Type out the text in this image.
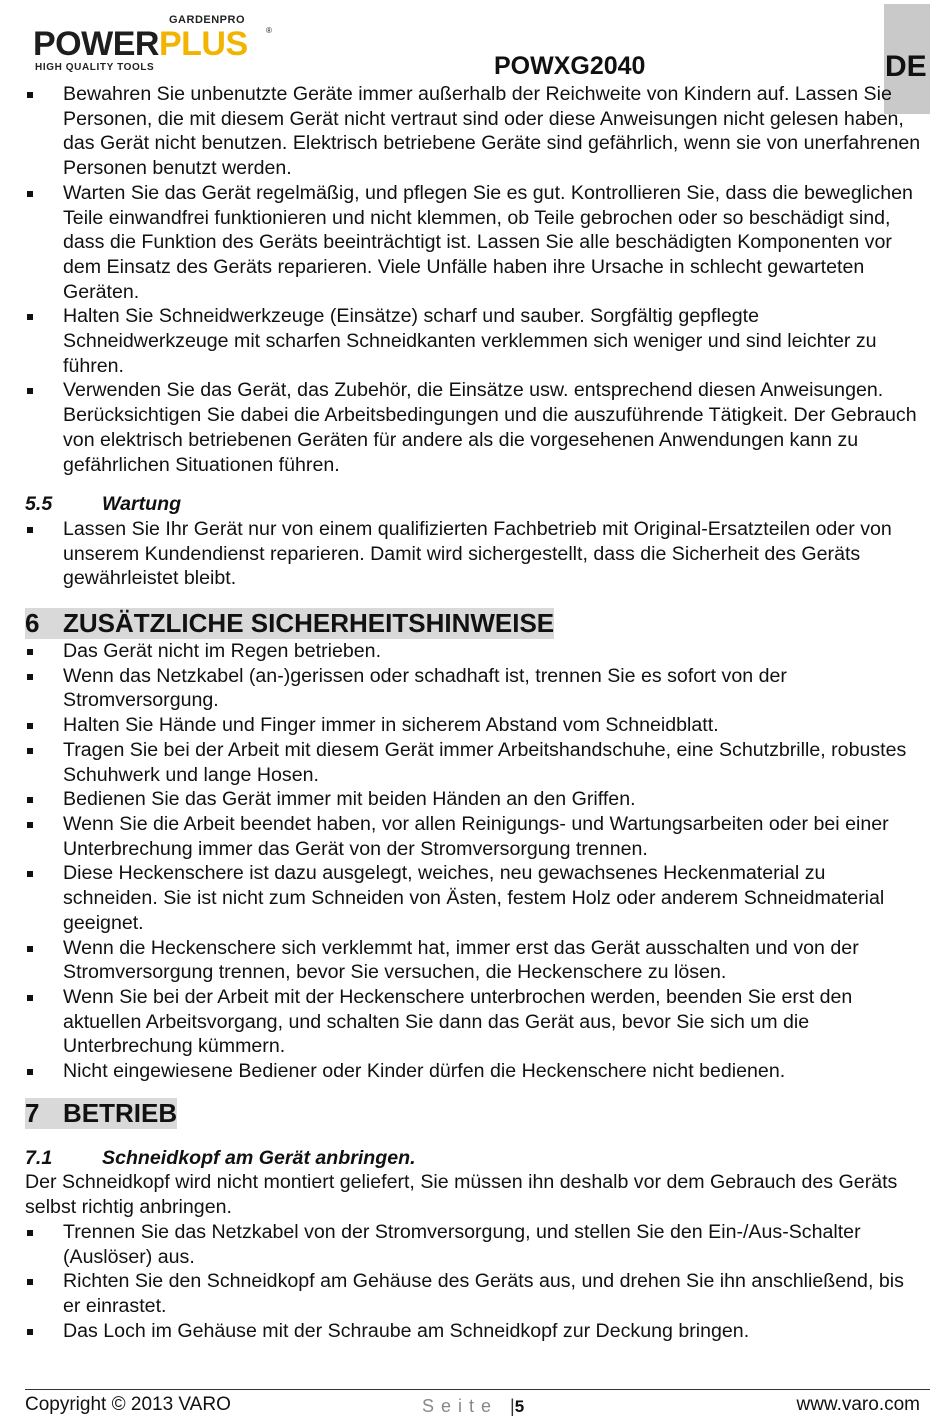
GARDENPRO
POWERPLUS ®
HIGH QUALITY TOOLS	POWXG2040	DE
Bewahren Sie unbenutzte Geräte immer außerhalb der Reichweite von Kindern auf. Lassen Sie Personen, die mit diesem Gerät nicht vertraut sind oder diese Anweisungen nicht gelesen haben, das Gerät nicht benutzen. Elektrisch betriebene Geräte sind gefährlich, wenn sie von unerfahrenen Personen benutzt werden.
Warten Sie das Gerät regelmäßig, und pflegen Sie es gut. Kontrollieren Sie, dass die beweglichen Teile einwandfrei funktionieren und nicht klemmen, ob Teile gebrochen oder so beschädigt sind, dass die Funktion des Geräts beeinträchtigt ist. Lassen Sie alle beschädigten Komponenten vor dem Einsatz des Geräts reparieren. Viele Unfälle haben ihre Ursache in schlecht gewarteten Geräten.
Halten Sie Schneidwerkzeuge (Einsätze) scharf und sauber. Sorgfältig gepflegte Schneidwerkzeuge mit scharfen Schneidkanten verklemmen sich weniger und sind leichter zu führen.
Verwenden Sie das Gerät, das Zubehör, die Einsätze usw. entsprechend diesen Anweisungen. Berücksichtigen Sie dabei die Arbeitsbedingungen und die auszuführende Tätigkeit. Der Gebrauch von elektrisch betriebenen Geräten für andere als die vorgesehenen Anwendungen kann zu gefährlichen Situationen führen.
5.5	Wartung
Lassen Sie Ihr Gerät nur von einem qualifizierten Fachbetrieb mit Original-Ersatzteilen oder von unserem Kundendienst reparieren. Damit wird sichergestellt, dass die Sicherheit des Geräts gewährleistet bleibt.
6 ZUSÄTZLICHE SICHERHEITSHINWEISE
Das Gerät nicht im Regen betrieben.
Wenn das Netzkabel (an-)gerissen oder schadhaft ist, trennen Sie es sofort von der Stromversorgung.
Halten Sie Hände und Finger immer in sicherem Abstand vom Schneidblatt.
Tragen Sie bei der Arbeit mit diesem Gerät immer Arbeitshandschuhe, eine Schutzbrille, robustes Schuhwerk und lange Hosen.
Bedienen Sie das Gerät immer mit beiden Händen an den Griffen.
Wenn Sie die Arbeit beendet haben, vor allen Reinigungs- und Wartungsarbeiten oder bei einer Unterbrechung immer das Gerät von der Stromversorgung trennen.
Diese Heckenschere ist dazu ausgelegt, weiches, neu gewachsenes Heckenmaterial zu schneiden. Sie ist nicht zum Schneiden von Ästen, festem Holz oder anderem Schneidmaterial geeignet.
Wenn die Heckenschere sich verklemmt hat, immer erst das Gerät ausschalten und von der Stromversorgung trennen, bevor Sie versuchen, die Heckenschere zu lösen.
Wenn Sie bei der Arbeit mit der Heckenschere unterbrochen werden, beenden Sie erst den aktuellen Arbeitsvorgang, und schalten Sie dann das Gerät aus, bevor Sie sich um die Unterbrechung kümmern.
Nicht eingewiesene Bediener oder Kinder dürfen die Heckenschere nicht bedienen.
7 BETRIEB
7.1	Schneidkopf am Gerät anbringen.

Der Schneidkopf wird nicht montiert geliefert, Sie müssen ihn deshalb vor dem Gebrauch des Geräts selbst richtig anbringen.

Trennen Sie das Netzkabel von der Stromversorgung, und stellen Sie den Ein-/Aus-Schalter (Auslöser) aus.
Richten Sie den Schneidkopf am Gehäuse des Geräts aus, und drehen Sie ihn anschließend, bis er einrastet.
Das Loch im Gehäuse mit der Schraube am Schneidkopf zur Deckung bringen.
Copyright © 2013 VARO	Seite |5	www.varo.com
